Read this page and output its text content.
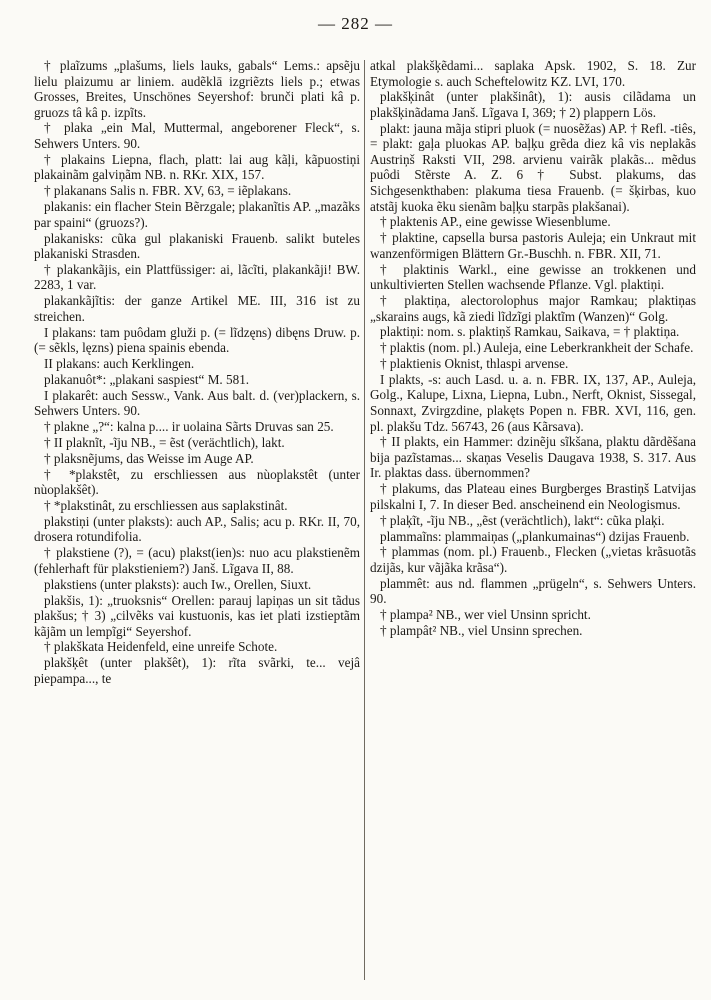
— 282 —

† plaĩzums „plašums, liels lauks, gabals“ Lems.: apsẽju lielu plaizumu ar liniem. audẽklā izgriẽzts liels p.; etwas Grosses, Breites, Unschönes Seyershof: brunči plati kâ p. gruozs tâ kâ p. izpĩts.

† plaka „ein Mal, Muttermal, angeborener Fleck“, s. Sehwers Unters. 90.

† plakains Liepna, flach, platt: lai aug kãļi, kãpuostiņi plakainãm galviņãm NB. n. RKr. XIX, 157.

† plakanans Salis n. FBR. XV, 63, = iẽplakans.

plakanis: ein flacher Stein Bẽrzgale; plakanĩtis AP. „mazãks par spaini“ (gruozs?).

plakanisks: cũka gul plakaniski Frauenb. salikt buteles plakaniski Strasden.

† plakankãjis, ein Plattfüssiger: ai, lãcĩti, plakankãji! BW. 2283, 1 var.

plakankãjĩtis: der ganze Artikel ME. III, 316 ist zu streichen.

I plakans: tam puôdam gluži p. (= lĩdzęns) dibęns Druw. p. (= sẽkls, lęzns) piena spainis ebenda.

II plakans: auch Kerklingen.

plakanuôt*: „plakani saspiest“ M. 581.

I plakarêt: auch Sessw., Vank. Aus balt. d. (ver)plackern, s. Sehwers Unters. 90.

† plakne „?“: kalna p.... ir uolaina Sãrts Druvas san 25.

† II plaknĩt, -ĩju NB., = ẽst (verächtlich), lakt.

† plaksnẽjums, das Weisse im Auge AP.

† *plakstêt, zu erschliessen aus nùoplakstêt (unter nùoplakšêt).

† *plakstinât, zu erschliessen aus saplakstinât.

plakstiņi (unter plaksts): auch AP., Salis; acu p. RKr. II, 70, drosera rotundifolia.

† plakstiene (?), = (acu) plakst(ien)s: nuo acu plakstienẽm (fehlerhaft für plakstieniem?) Janš. Lĩgava II, 88.

plakstiens (unter plaksts): auch Iw., Orellen, Siuxt.

plakšis, 1): „truoksnis“ Orellen: parauj lapiņas un sit tãdus plakšus; † 3) „cilvẽks vai kustuonis, kas iet plati izstieptãm kãjãm un lempĩgi“ Seyershof.

† plakškata Heidenfeld, eine unreife Schote.

plakšķêt (unter plakšêt), 1): rĩta svãrki, te... vejâ piepampa..., te

atkal plakšķẽdami... saplaka Apsk. 1902, S. 18. Zur Etymologie s. auch Scheftelowitz KZ. LVI, 170.

plakšķinât (unter plakšinât), 1): ausis cilãdama un plakšķinãdama Janš. Lĩgava I, 369; † 2) plappern Lös.

plakt: jauna mãja stipri pluok (= nuosẽžas) AP. † Refl. -tiês, = plakt: gaļa pluokas AP. baļķu grẽda diez kâ vis neplakãs Austriņš Raksti VII, 298. arvienu vairãk plakãs... mẽdus puôdi Stẽrste A. Z. 6 † Subst. plakums, das Sichgesenkthaben: plakuma tiesa Frauenb. (= šķirbas, kuo atstãj kuoka ẽku sienãm baļķu starpãs plakšanai).

† plaktenis AP., eine gewisse Wiesenblume.

† plaktine, capsella bursa pastoris Auleja; ein Unkraut mit wanzenförmigen Blättern Gr.-Buschh. n. FBR. XII, 71.

† plaktinis Warkl., eine gewisse an trokkenen und unkultivierten Stellen wachsende Pflanze. Vgl. plaktiņi.

† plaktiņa, alectorolophus major Ramkau; plaktiņas „skarains augs, kã ziedi lĩdzĩgi plaktĩm (Wanzen)“ Golg.

plaktiņi: nom. s. plaktiņš Ramkau, Saikava, = † plaktiņa.

† plaktis (nom. pl.) Auleja, eine Leberkrankheit der Schafe.

† plaktienis Oknist, thlaspi arvense.

I plakts, -s: auch Lasd. u. a. n. FBR. IX, 137, AP., Auleja, Golg., Kalupe, Lixna, Liepna, Lubn., Nerft, Oknist, Sissegal, Sonnaxt, Zvirgzdine, plakęts Popen n. FBR. XVI, 116, gen. pl. plakšu Tdz. 56743, 26 (aus Kãrsava).

† II plakts, ein Hammer: dzinẽju sĩkšana, plaktu dãrdẽšana bija pazĩstamas... skaņas Veselis Daugava 1938, S. 317. Aus Ir. plaktas dass. übernommen?

† plakums, das Plateau eines Burgberges Brastiņš Latvijas pilskalni I, 7. In dieser Bed. anscheinend ein Neologismus.

† plaķĩt, -ĩju NB., „ẽst (verächtlich), lakt“: cũka plaķi.

plammaĩns: plammaiņas („plankumainas“) dzijas Frauenb.

† plammas (nom. pl.) Frauenb., Flecken („vietas krãsuotãs dzijãs, kur vãjãka krãsa“).

plammêt: aus nd. flammen „prügeln“, s. Sehwers Unters. 90.

† plampa² NB., wer viel Unsinn spricht.

† plampât² NB., viel Unsinn sprechen.
